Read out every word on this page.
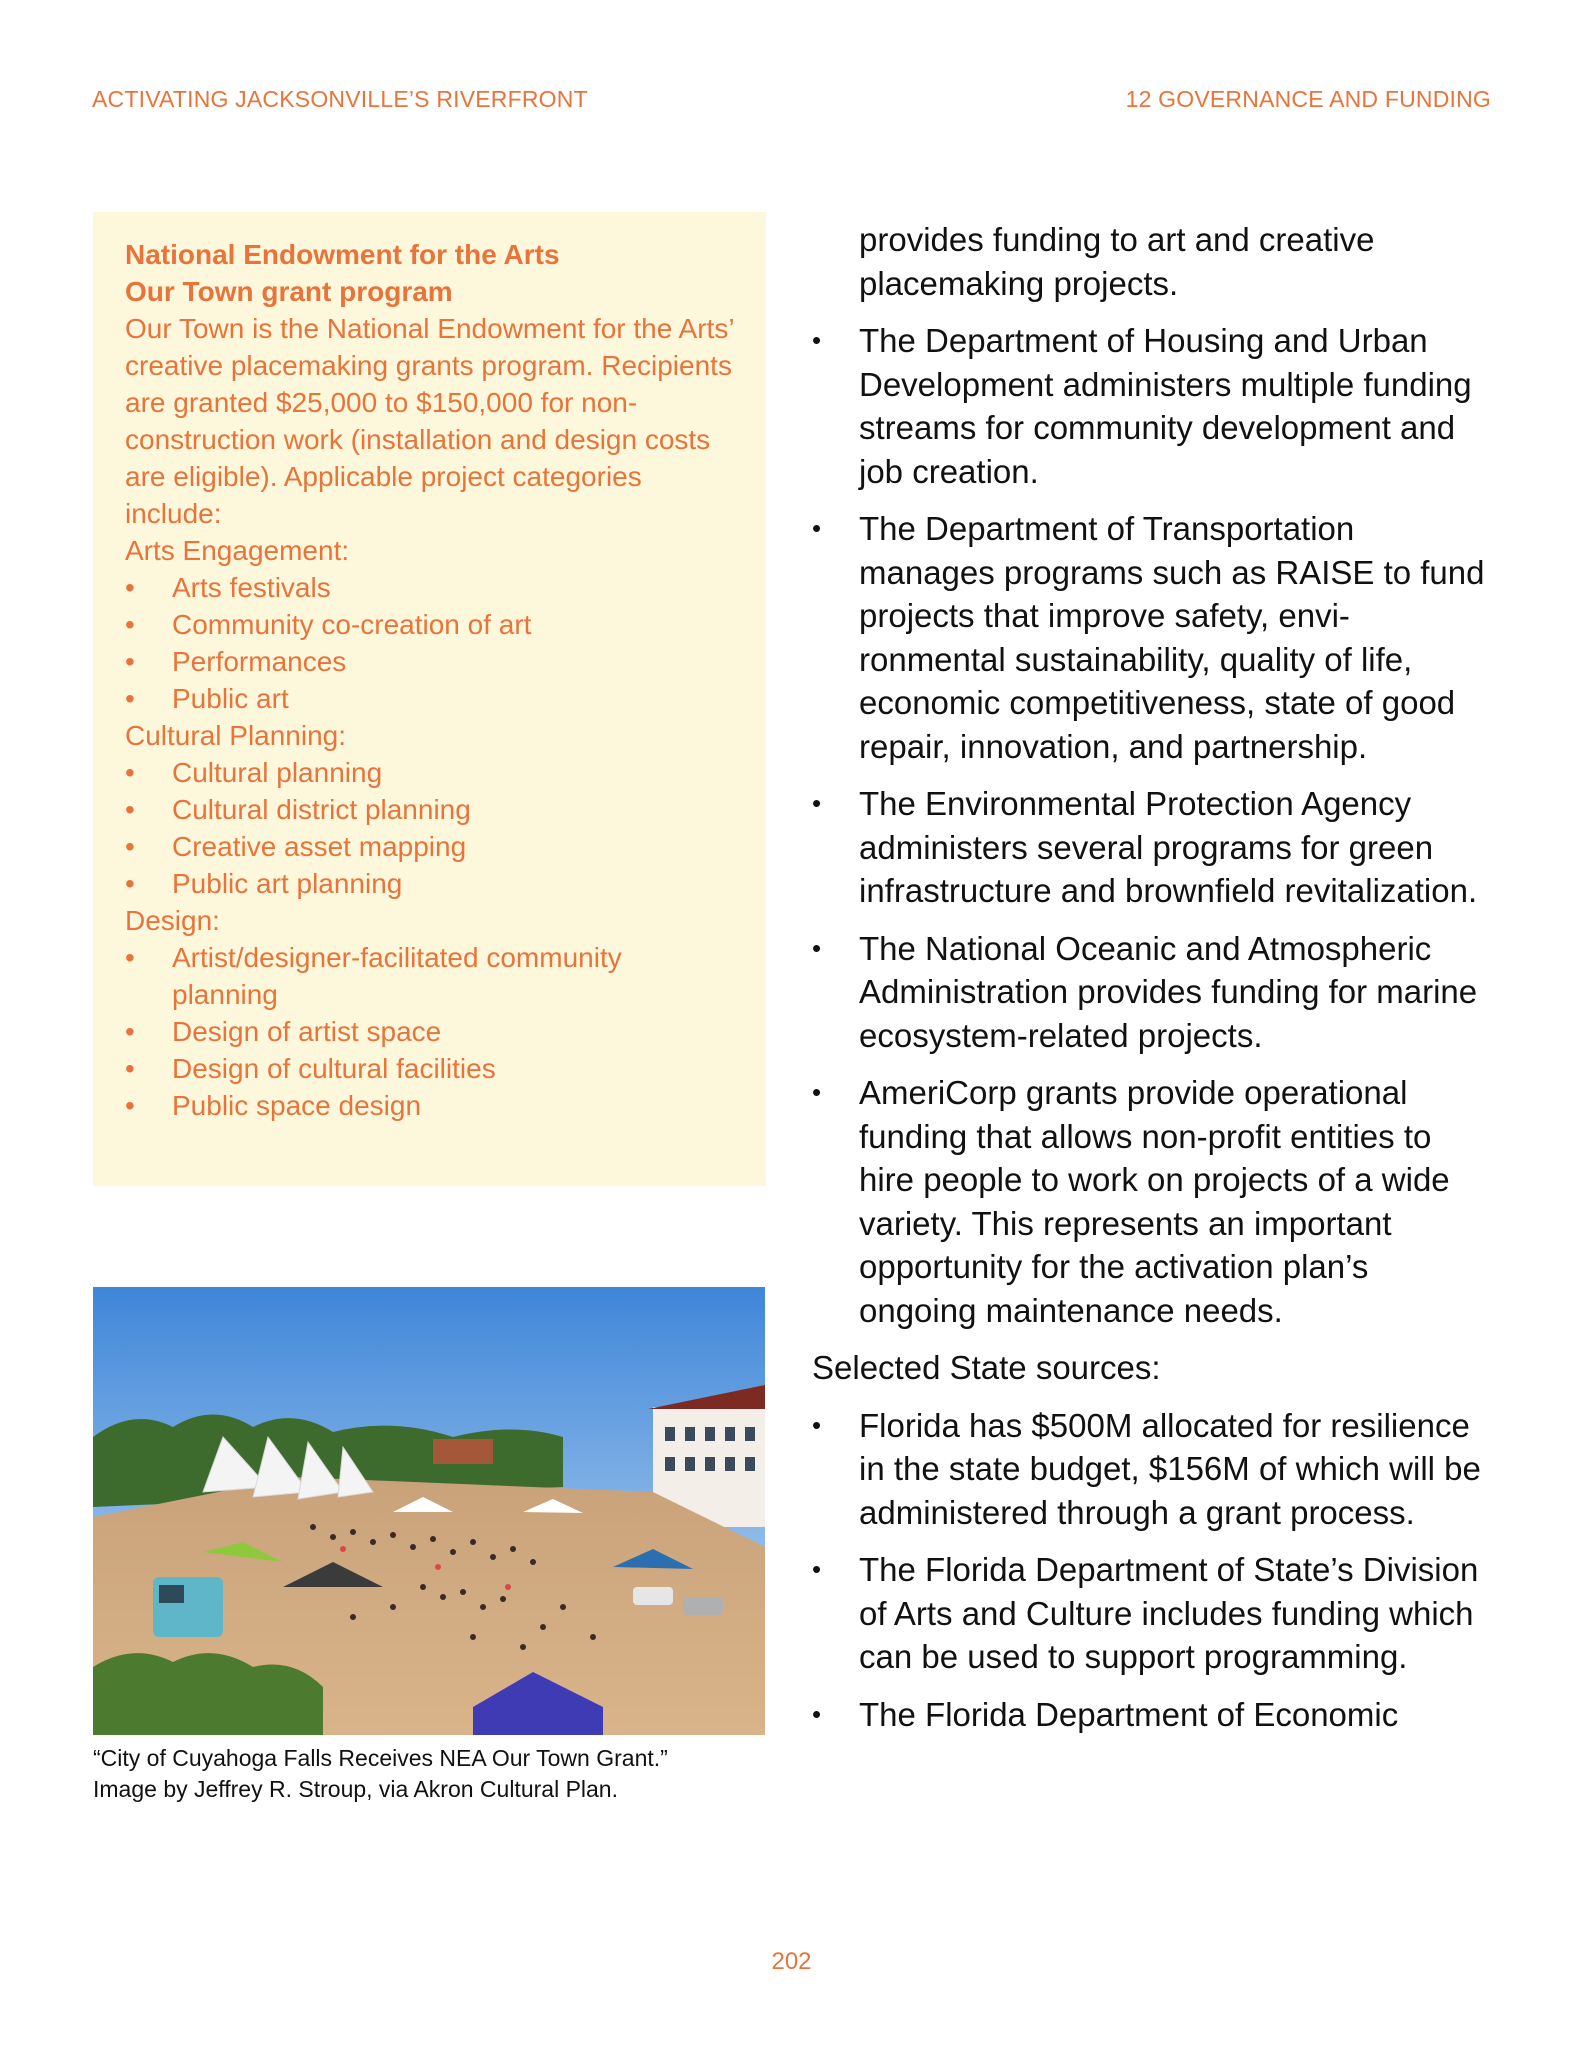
ACTIVATING JACKSONVILLE’S RIVERFRONT	12 GOVERNANCE AND FUNDING
National Endowment for the Arts
Our Town grant program
Our Town is the National Endowment for the Arts’ creative placemaking grants program. Recipients are granted $25,000 to $150,000 for non-construction work (installation and design costs are eligible). Applicable project categories include:
Arts Engagement:
• Arts festivals
• Community co-creation of art
• Performances
• Public art
Cultural Planning:
• Cultural planning
• Cultural district planning
• Creative asset mapping
• Public art planning
Design:
• Artist/designer-facilitated community planning
• Design of artist space
• Design of cultural facilities
• Public space design
“City of Cuyahoga Falls Receives NEA Our Town Grant.”
Image by Jeffrey R. Stroup, via Akron Cultural Plan.

provides funding to art and creative placemaking projects.

• The Department of Housing and Urban Development administers multiple funding streams for community development and job creation.
• The Department of Transportation manages programs such as RAISE to fund projects that improve safety, envi-ronmental sustainability, quality of life, economic competitiveness, state of good repair, innovation, and partnership.
• The Environmental Protection Agency administers several programs for green infrastructure and brownfield revitalization.
• The National Oceanic and Atmospheric Administration provides funding for marine ecosystem-related projects.
• AmeriCorp grants provide operational funding that allows non-profit entities to hire people to work on projects of a wide variety. This represents an important opportunity for the activation plan’s ongoing maintenance needs.

Selected State sources:

• Florida has $500M allocated for resilience in the state budget, $156M of which will be administered through a grant process.
• The Florida Department of State’s Division of Arts and Culture includes funding which can be used to support programming.
• The Florida Department of Economic
202
